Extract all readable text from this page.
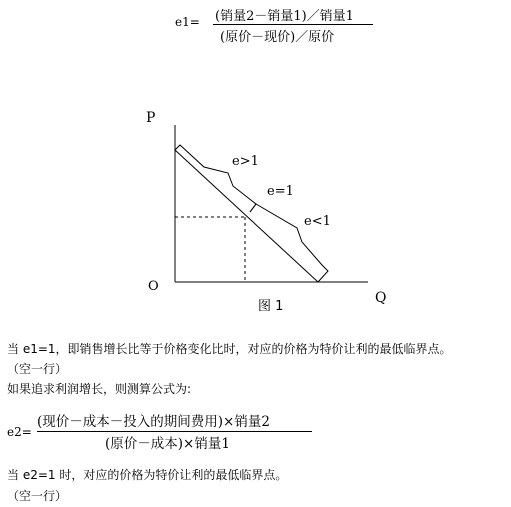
e1= (销量2－销量1)／销量1
(原价－现价)／原价
P
Q
O
e>1
e=1
e<1
图 1
当 e1=1，即销售增长比等于价格变化比时，对应的价格为特价让利的最低临界点。
（空一行）
如果追求利润增长，则测算公式为:
e2=
(现价－成本－投入的期间费用)×销量2
(原价－成本)×销量1
当 e2=1 时，对应的价格为特价让利的最低临界点。
（空一行）
